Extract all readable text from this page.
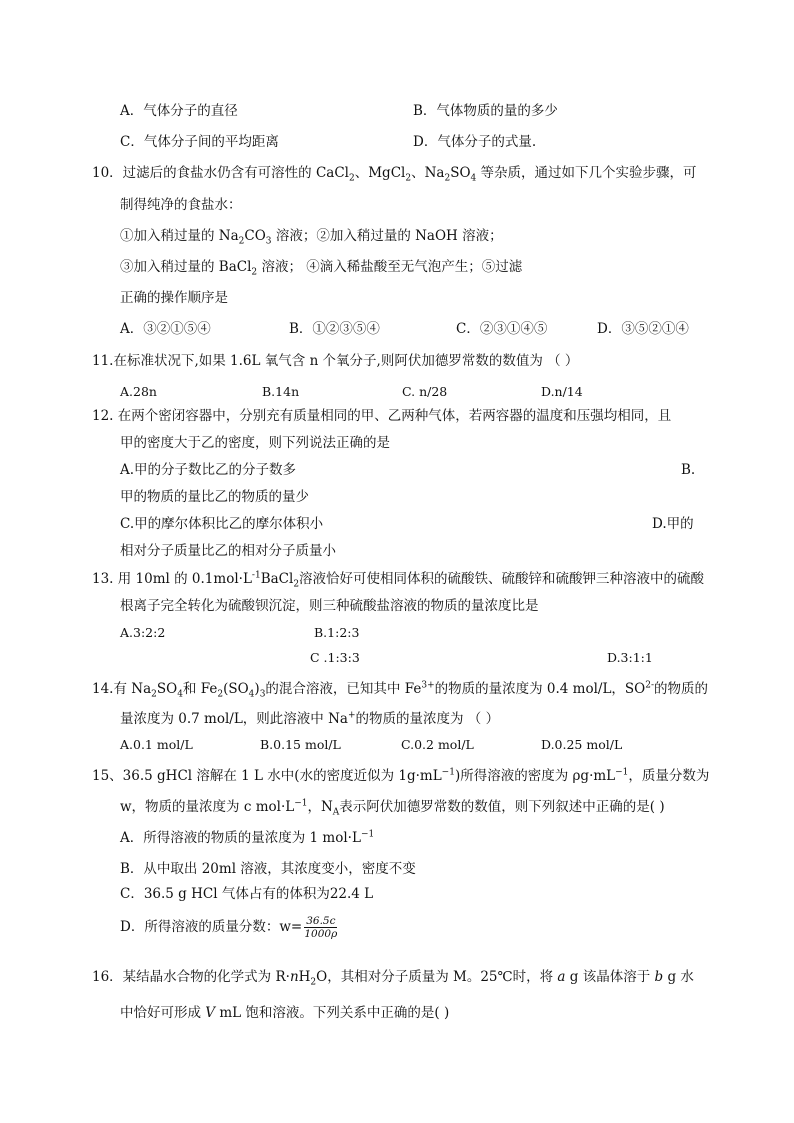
A．气体分子的直径	B．气体物质的量的多少
C．气体分子间的平均距离	D．气体分子的式量.
10．过滤后的食盐水仍含有可溶性的 CaCl$_2$、MgCl$_2$、$Na_2SO_4$ 等杂质，通过如下几个实验步骤，可
制得纯净的食盐水：
①加入稍过量的 $Na_2CO_3$ 溶液；②加入稍过量的 NaOH 溶液；
③加入稍过量的 BaCl$_2$ 溶液； ④滴入稀盐酸至无气泡产生；⑤过滤
正确的操作顺序是
A．③②①⑤④	B．①②③⑤④	C．②③①④⑤	D．③⑤②①④
11.在标准状况下,如果 1.6L 氧气含 n 个氧分子,则阿伏加德罗常数的数值为 （ ）
A.28n	B.14n	C. n/28	D.n/14
12. 在两个密闭容器中，分别充有质量相同的甲、乙两种气体，若两容器的温度和压强均相同，且
甲的密度大于乙的密度，则下列说法正确的是
A.甲的分子数比乙的分子数多	B.
甲的物质的量比乙的物质的量少
C.甲的摩尔体积比乙的摩尔体积小	D.甲的
相对分子质量比乙的相对分子质量小
13. 用 10ml 的 $0.1mol\cdot L^{-1}BaCl_2$溶液恰好可使相同体积的硫酸铁、硫酸锌和硫酸钾三种溶液中的硫酸
根离子完全转化为硫酸钡沉淀，则三种硫酸盐溶液的物质的量浓度比是
A.3:2:2	B.1:2:3
C .1:3:3	D.3:1:1
14.有 $Na_2SO_4$和 $Fe_2(SO_4)_3$的混合溶液，已知其中 $Fe^{3+}$的物质的量浓度为 0.4 mol/L，$SO^{2-}$的物质的
量浓度为 0.7 mol/L，则此溶液中 Na+的物质的量浓度为 （ ）
A.0.1 mol/L	B.0.15 mol/L	C.0.2 mol/L	D.0.25 mol/L
15、36.5 gHCl 溶解在 1 L 水中(水的密度近似为 $1g\cdot mL^{-1}$)所得溶液的密度为 $\rho g\cdot mL^{-1}$，质量分数为
w，物质的量浓度为 c $mol\cdot L^{-1}$，$N_A$表示阿伏加德罗常数的数值，则下列叙述中正确的是( )
A．所得溶液的物质的量浓度为 1 $mol\cdot L^{-1}$
B．从中取出 20ml 溶液，其浓度变小，密度不变
C．36.5 g HCl 气体占有的体积为22.4 L
D．所得溶液的质量分数：$w= \frac{36.5c}{1000\rho}$
16．某结晶水合物的化学式为 $R\cdot nH_2O$，其相对分子质量为 M。25℃时，将 a g 该晶体溶于 b g 水
中恰好可形成 V mL 饱和溶液。下列关系中正确的是( )
